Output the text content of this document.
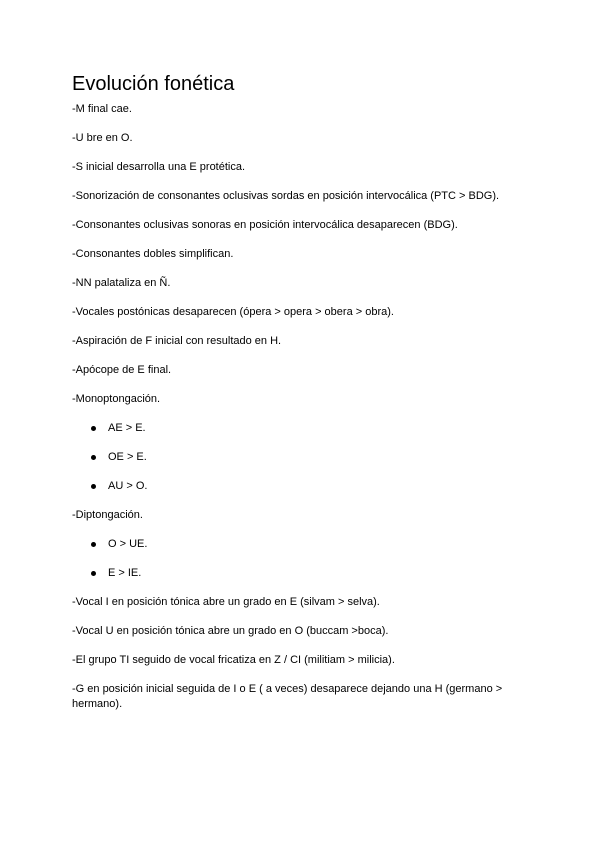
Evolución fonética

-M final cae.

-U bre en O.

-S inicial desarrolla una E protética.

-Sonorización de consonantes oclusivas sordas en posición intervocálica (PTC > BDG).

-Consonantes oclusivas sonoras en posición intervocálica desaparecen (BDG).

-Consonantes dobles simplifican.

-NN palataliza en Ñ.

-Vocales postónicas desaparecen (ópera > opera > obera > obra).

-Aspiración de F inicial con resultado en H.

-Apócope de E final.

-Monoptongación.

AE > E.
OE > E.
AU > O.

-Diptongación.

O > UE.
E > IE.

-Vocal I en posición tónica abre un grado en E (silvam > selva).

-Vocal U en posición tónica abre un grado en O (buccam >boca).

-El grupo TI seguido de vocal fricatiza en Z / CI (militiam > milicia).

-G en posición inicial seguida de I o E ( a veces) desaparece dejando una H (germano > hermano).
